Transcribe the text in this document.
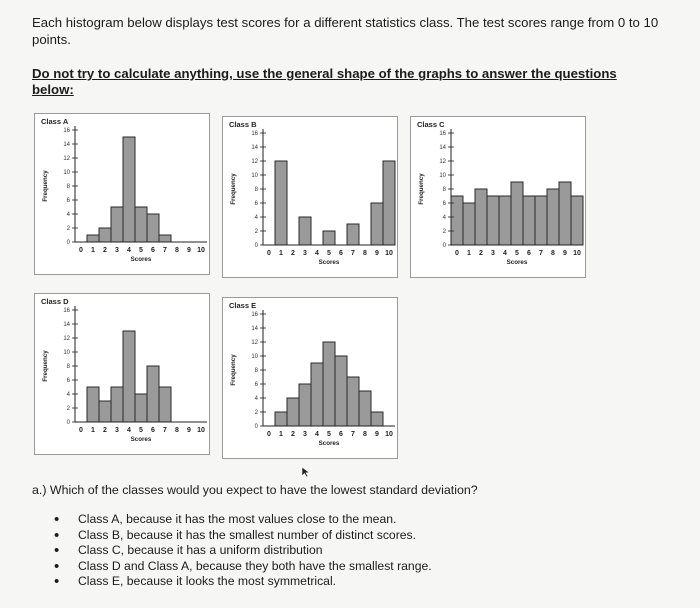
Each histogram below displays test scores for a different statistics class. The test scores range from 0 to 10 points.
Do not try to calculate anything, use the general shape of the graphs to answer the questions below:
Class A
Frequency
0
2
4
6
8
10
12
14
16
0 1 2 3 4 5 6 7 8 9 10
Scores
Class B
Frequency
0
2
4
6
8
10
12
14
16
0 1 2 3 4 5 6 7 8 9 10
Scores
Class C
Frequency
0
2
4
6
8
10
12
14
16
0 1 2 3 4 5 6 7 8 9 10
Scores
Class D
Frequency
0
2
4
6
8
10
12
14
16
0 1 2 3 4 5 6 7 8 9 10
Scores
Class E
Frequency
0
2
4
6
8
10
12
14
16
0 1 2 3 4 5 6 7 8 9 10
Scores
a.) Which of the classes would you expect to have the lowest standard deviation?
• Class A, because it has the most values close to the mean.
• Class B, because it has the smallest number of distinct scores.
• Class C, because it has a uniform distribution
• Class D and Class A, because they both have the smallest range.
• Class E, because it looks the most symmetrical.
